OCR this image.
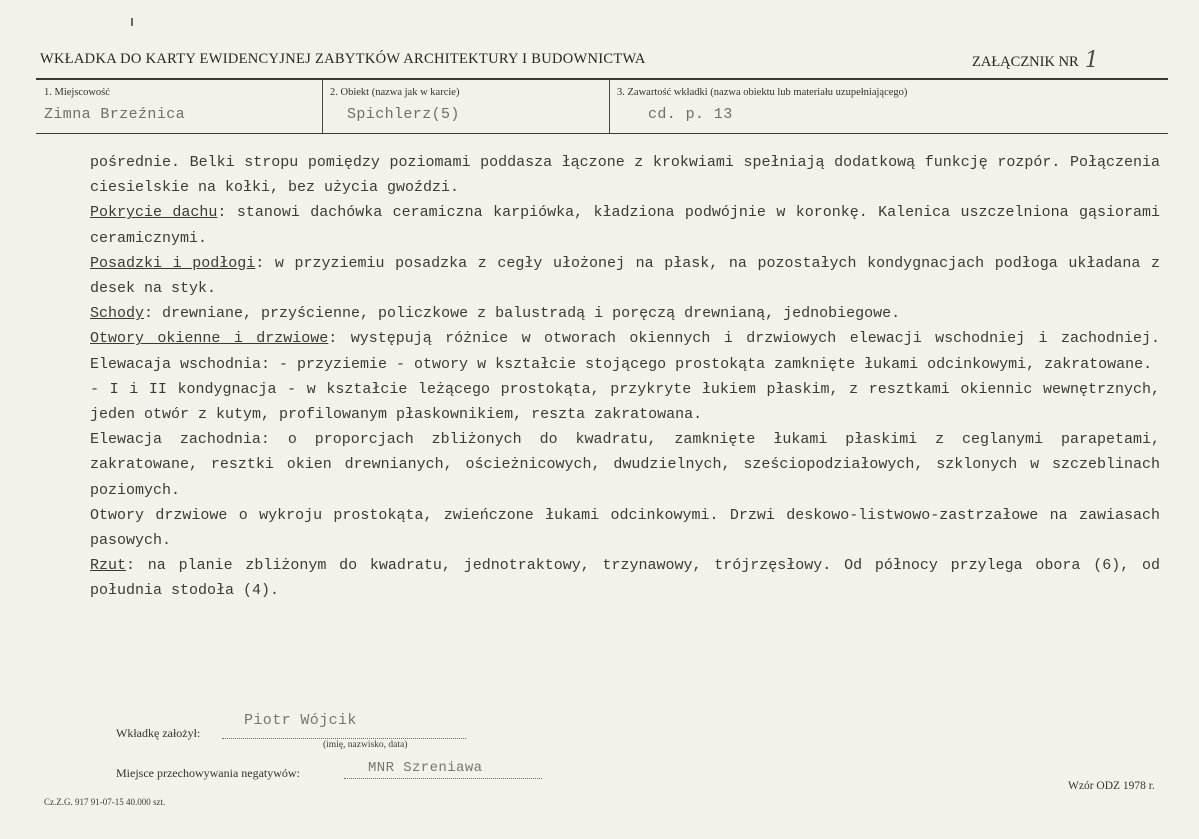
WKŁADKA DO KARTY EWIDENCYJNEJ ZABYTKÓW ARCHITEKTURY I BUDOWNICTWA	ZAŁĄCZNIK NR 1
1. Miejscowość
Zimna Brzeźnica
2. Obiekt (nazwa jak w karcie)
Spichlerz(5)
3. Zawartość wkładki (nazwa obiektu lub materiału uzupełniającego)
cd. p. 13

pośrednie. Belki stropu pomiędzy poziomami poddasza łączone z krokwiami spełniają dodatkową funkcję rozpór. Połączenia ciesielskie na kołki, bez użycia gwoździ.

Pokrycie dachu: stanowi dachówka ceramiczna karpiówka, kładziona podwójnie w koronkę. Kalenica uszczelniona gąsiorami ceramicznymi.

Posadzki i podłogi: w przyziemiu posadzka z cegły ułożonej na płask, na pozostałych kondygnacjach podłoga układana z desek na styk.

Schody: drewniane, przyścienne, policzkowe z balustradą i poręczą drewnianą, jednobiegowe.

Otwory okienne i drzwiowe: występują różnice w otworach okiennych i drzwiowych elewacji wschodniej i zachodniej. Elewacaja wschodnia: - przyziemie - otwory w kształcie stojącego prostokąta zamknięte łukami odcinkowymi, zakratowane.

- I i II kondygnacja - w kształcie leżącego prostokąta, przykryte łukiem płaskim, z resztkami okiennic wewnętrznych, jeden otwór z kutym, profilowanym płaskownikiem, reszta zakratowana.

Elewacja zachodnia: o proporcjach zbliżonych do kwadratu, zamknięte łukami płaskimi z ceglanymi parapetami, zakratowane, resztki okien drewnianych, ościeżnicowych, dwudzielnych, sześciopodziałowych, szklonych w szczeblinach poziomych.

Otwory drzwiowe o wykroju prostokąta, zwieńczone łukami odcinkowymi. Drzwi deskowo-listwowo-zastrzałowe na zawiasach pasowych.

Rzut: na planie zbliżonym do kwadratu, jednotraktowy, trzynawowy, trójrzęsłowy. Od północy przylega obora (6), od południa stodoła (4).

Wkładkę założył:
Piotr Wójcik
(imię, nazwisko, data)
Miejsce przechowywania negatywów:	MNR Szreniawa
Cz.Z.G. 917 91-07-15 40.000 szt.
Wzór ODZ 1978 r.
